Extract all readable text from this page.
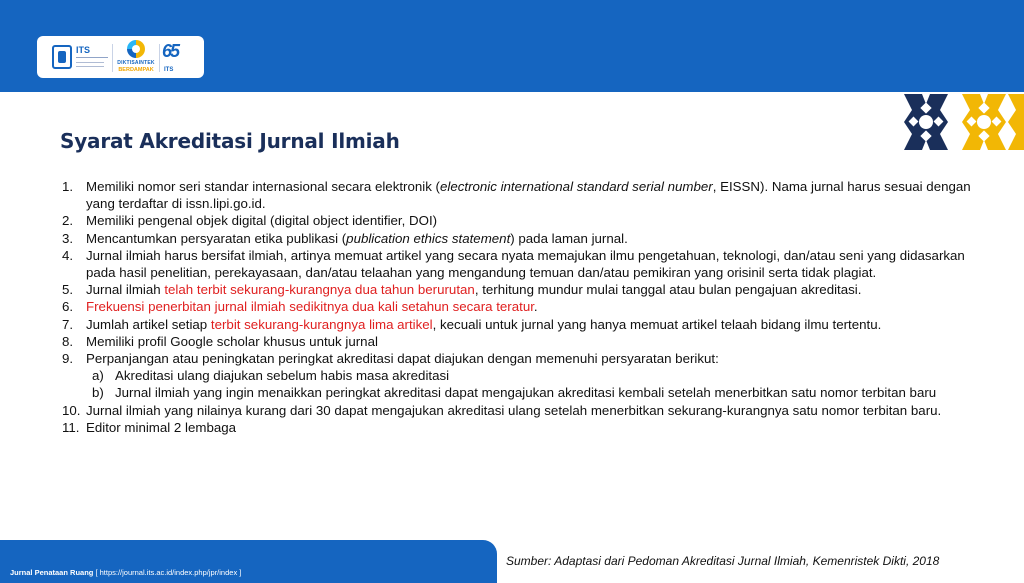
ITS
DIKTISAINTEK
BERDAMPAK
65
ITS
Syarat Akreditasi Jurnal Ilmiah
1. Memiliki nomor seri standar internasional secara elektronik (electronic international standard serial number, EISSN). Nama jurnal harus sesuai dengan yang terdaftar di issn.lipi.go.id.
2. Memiliki pengenal objek digital (digital object identifier, DOI)
3. Mencantumkan persyaratan etika publikasi (publication ethics statement) pada laman jurnal.
4. Jurnal ilmiah harus bersifat ilmiah, artinya memuat artikel yang secara nyata memajukan ilmu pengetahuan, teknologi, dan/atau seni yang didasarkan pada hasil penelitian, perekayasaan, dan/atau telaahan yang mengandung temuan dan/atau pemikiran yang orisinil serta tidak plagiat.
5. Jurnal ilmiah telah terbit sekurang-kurangnya dua tahun berurutan, terhitung mundur mulai tanggal atau bulan pengajuan akreditasi.
6. Frekuensi penerbitan jurnal ilmiah sedikitnya dua kali setahun secara teratur.
7. Jumlah artikel setiap terbit sekurang-kurangnya lima artikel, kecuali untuk jurnal yang hanya memuat artikel telaah bidang ilmu tertentu.
8. Memiliki profil Google scholar khusus untuk jurnal
9. Perpanjangan atau peningkatan peringkat akreditasi dapat diajukan dengan memenuhi persyaratan berikut:
a) Akreditasi ulang diajukan sebelum habis masa akreditasi
b) Jurnal ilmiah yang ingin menaikkan peringkat akreditasi dapat mengajukan akreditasi kembali setelah menerbitkan satu nomor terbitan baru
10. Jurnal ilmiah yang nilainya kurang dari 30 dapat mengajukan akreditasi ulang setelah menerbitkan sekurang-kurangnya satu nomor terbitan baru.
11. Editor minimal 2 lembaga
Jurnal Penataan Ruang [ https://journal.its.ac.id/index.php/jpr/index ]
Sumber: Adaptasi dari Pedoman Akreditasi Jurnal Ilmiah, Kemenristek Dikti, 2018
